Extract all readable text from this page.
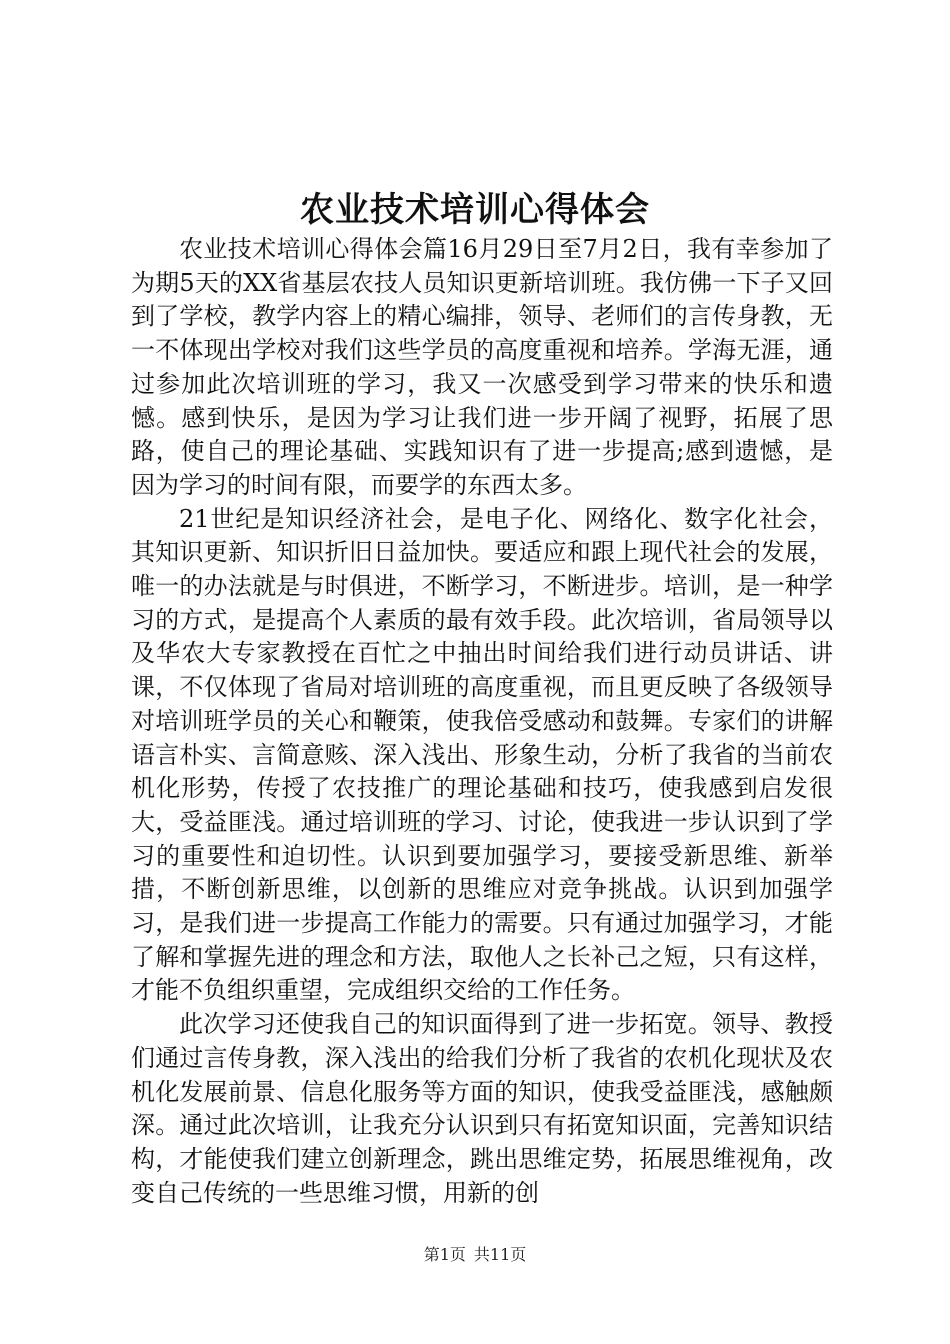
农业技术培训心得体会

农业技术培训心得体会篇16月29日至7月2日，我有幸参加了为期5天的XX省基层农技人员知识更新培训班。我仿佛一下子又回到了学校，教学内容上的精心编排，领导、老师们的言传身教，无一不体现出学校对我们这些学员的高度重视和培养。学海无涯，通过参加此次培训班的学习，我又一次感受到学习带来的快乐和遗憾。感到快乐，是因为学习让我们进一步开阔了视野，拓展了思路，使自己的理论基础、实践知识有了进一步提高;感到遗憾，是因为学习的时间有限，而要学的东西太多。

21世纪是知识经济社会，是电子化、网络化、数字化社会，其知识更新、知识折旧日益加快。要适应和跟上现代社会的发展，唯一的办法就是与时俱进，不断学习，不断进步。培训，是一种学习的方式，是提高个人素质的最有效手段。此次培训，省局领导以及华农大专家教授在百忙之中抽出时间给我们进行动员讲话、讲课，不仅体现了省局对培训班的高度重视，而且更反映了各级领导对培训班学员的关心和鞭策，使我倍受感动和鼓舞。专家们的讲解语言朴实、言简意赅、深入浅出、形象生动，分析了我省的当前农机化形势，传授了农技推广的理论基础和技巧，使我感到启发很大，受益匪浅。通过培训班的学习、讨论，使我进一步认识到了学习的重要性和迫切性。认识到要加强学习，要接受新思维、新举措，不断创新思维，以创新的思维应对竞争挑战。认识到加强学习，是我们进一步提高工作能力的需要。只有通过加强学习，才能了解和掌握先进的理念和方法，取他人之长补己之短，只有这样，才能不负组织重望，完成组织交给的工作任务。

此次学习还使我自己的知识面得到了进一步拓宽。领导、教授们通过言传身教，深入浅出的给我们分析了我省的农机化现状及农机化发展前景、信息化服务等方面的知识，使我受益匪浅，感触颇深。通过此次培训，让我充分认识到只有拓宽知识面，完善知识结构，才能使我们建立创新理念，跳出思维定势，拓展思维视角，改变自己传统的一些思维习惯，用新的创

第1页 共11页
